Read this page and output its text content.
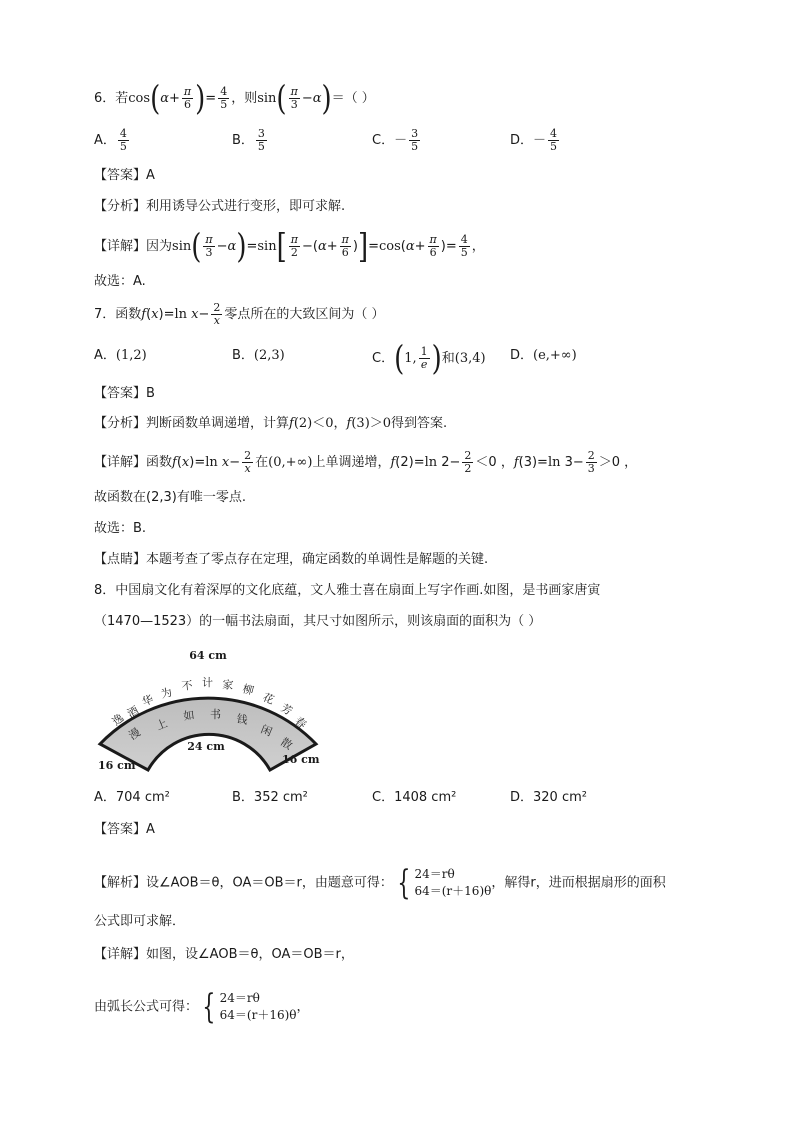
6．若$\cos(\alpha+ \frac{\pi}{6}$ )= $\frac{4}{5}$ ，则$\sin( \frac{\pi}{3} -\alpha)=$（ ）
A． $\frac{4}{5}$	B． $\frac{3}{5}$	C．－ $\frac{3}{5}$	D．－ $\frac{4}{5}$
【答案】A
【分析】利用诱导公式进行变形，即可求解.
【详解】因为$\sin( \frac{\pi}{3} -\alpha)=\sin[ \frac{\pi}{2} -(\alpha+ \frac{\pi}{6} )]=\cos(\alpha+ \frac{\pi}{6}$ )= $\frac{4}{5}$ ，
故选：A.
7．函数f(x)=ln $x- \frac{2}{x}$ 零点所在的大致区间为（ ）
A．(1,2)	B．(2,3)	C．(1, $\frac{1}{e}$ )和(3,4) D．(e,+∞)
【答案】B
【分析】判断函数单调递增，计算f(2)＜0，f(3)＞0得到答案.
【详解】函数f(x)=ln $x- \frac{2}{x}$ 在(0,+∞)上单调递增，f(2)=ln $2- \frac{2}{2} <0$ ，f(3)=ln $3- \frac{2}{3} >0$ ，
故函数在(2,3)有唯一零点.
故选：B.
【点睛】本题考查了零点存在定理，确定函数的单调性是解题的关键.
8．中国扇文化有着深厚的文化底蕴，文人雅士喜在扇面上写字作画.如图，是书画家唐寅
（1470—1523）的一幅书法扇面，其尺寸如图所示，则该扇面的面积为（ ）
逸
酒
华 为 不 计 家 柳
花
芳
春
漫
上
如 书 钱
闲
散
64 cm
24 cm
16 cm	16 cm
A．704 cm²	B．352 cm²	C．1408 cm²	D．320 cm²
【答案】A
【解析】设∠AOB＝θ，OA＝OB＝r，由题意可得： { 24＝rθ
64＝(r＋16)θ
，解得r，进而根据扇形的面积
公式即可求解．
【详解】如图，设∠AOB＝θ，OA＝OB＝r，
由弧长公式可得： { 24＝rθ
64＝(r＋16)θ
，
